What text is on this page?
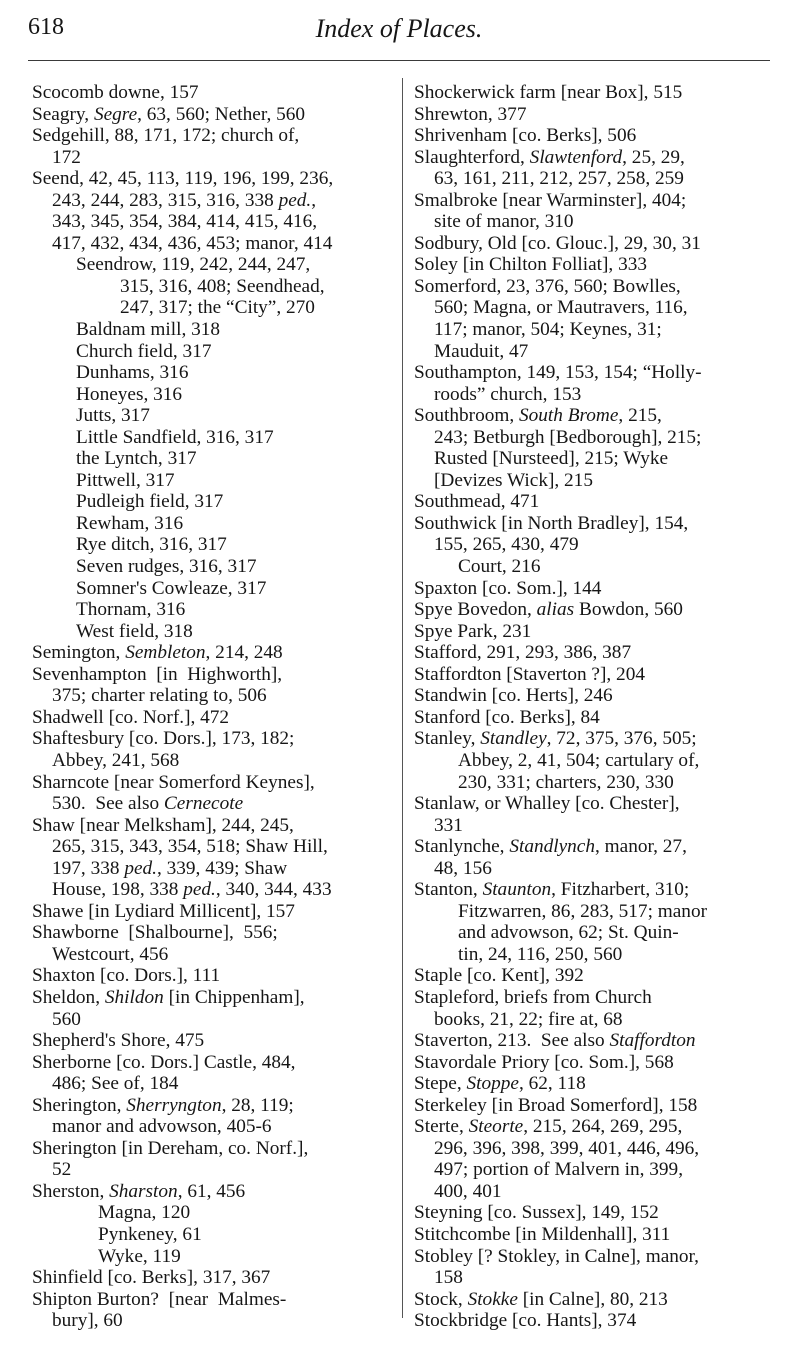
618	Index of Places.
Scocomb downe, 157
Seagry, Segre, 63, 560; Nether, 560
Sedgehill, 88, 171, 172; church of,
172
Seend, 42, 45, 113, 119, 196, 199, 236,
243, 244, 283, 315, 316, 338 ped.,
343, 345, 354, 384, 414, 415, 416,
417, 432, 434, 436, 453; manor, 414
Seendrow, 119, 242, 244, 247,
315, 316, 408; Seendhead,
247, 317; the “City”, 270
Baldnam mill, 318
Church field, 317
Dunhams, 316
Honeyes, 316
Jutts, 317
Little Sandfield, 316, 317
the Lyntch, 317
Pittwell, 317
Pudleigh field, 317
Rewham, 316
Rye ditch, 316, 317
Seven rudges, 316, 317
Somner's Cowleaze, 317
Thornam, 316
West field, 318
Semington, Sembleton, 214, 248
Sevenhampton  [in  Highworth],
375; charter relating to, 506
Shadwell [co. Norf.], 472
Shaftesbury [co. Dors.], 173, 182;
Abbey, 241, 568
Sharncote [near Somerford Keynes],
530.  See also Cernecote
Shaw [near Melksham], 244, 245,
265, 315, 343, 354, 518; Shaw Hill,
197, 338 ped., 339, 439; Shaw
House, 198, 338 ped., 340, 344, 433
Shawe [in Lydiard Millicent], 157
Shawborne  [Shalbourne],  556;
Westcourt, 456
Shaxton [co. Dors.], 111
Sheldon, Shildon [in Chippenham],
560
Shepherd's Shore, 475
Sherborne [co. Dors.] Castle, 484,
486; See of, 184
Sherington, Sherryngton, 28, 119;
manor and advowson, 405-6
Sherington [in Dereham, co. Norf.],
52
Sherston, Sharston, 61, 456
Magna, 120
Pynkeney, 61
Wyke, 119
Shinfield [co. Berks], 317, 367
Shipton Burton?  [near  Malmes-
bury], 60
Shockerwick farm [near Box], 515
Shrewton, 377
Shrivenham [co. Berks], 506
Slaughterford, Slawtenford, 25, 29,
63, 161, 211, 212, 257, 258, 259
Smalbroke [near Warminster], 404;
site of manor, 310
Sodbury, Old [co. Glouc.], 29, 30, 31
Soley [in Chilton Folliat], 333
Somerford, 23, 376, 560; Bowlles,
560; Magna, or Mautravers, 116,
117; manor, 504; Keynes, 31;
Mauduit, 47
Southampton, 149, 153, 154; “Holly-
roods” church, 153
Southbroom, South Brome, 215,
243; Betburgh [Bedborough], 215;
Rusted [Nursteed], 215; Wyke
[Devizes Wick], 215
Southmead, 471
Southwick [in North Bradley], 154,
155, 265, 430, 479
Court, 216
Spaxton [co. Som.], 144
Spye Bovedon, alias Bowdon, 560
Spye Park, 231
Stafford, 291, 293, 386, 387
Staffordton [Staverton ?], 204
Standwin [co. Herts], 246
Stanford [co. Berks], 84
Stanley, Standley, 72, 375, 376, 505;
Abbey, 2, 41, 504; cartulary of,
230, 331; charters, 230, 330
Stanlaw, or Whalley [co. Chester],
331
Stanlynche, Standlynch, manor, 27,
48, 156
Stanton, Staunton, Fitzharbert, 310;
Fitzwarren, 86, 283, 517; manor
and advowson, 62; St. Quin-
tin, 24, 116, 250, 560
Staple [co. Kent], 392
Stapleford, briefs from Church
books, 21, 22; fire at, 68
Staverton, 213.  See also Staffordton
Stavordale Priory [co. Som.], 568
Stepe, Stoppe, 62, 118
Sterkeley [in Broad Somerford], 158
Sterte, Steorte, 215, 264, 269, 295,
296, 396, 398, 399, 401, 446, 496,
497; portion of Malvern in, 399,
400, 401
Steyning [co. Sussex], 149, 152
Stitchcombe [in Mildenhall], 311
Stobley [? Stokley, in Calne], manor,
158
Stock, Stokke [in Calne], 80, 213
Stockbridge [co. Hants], 374
